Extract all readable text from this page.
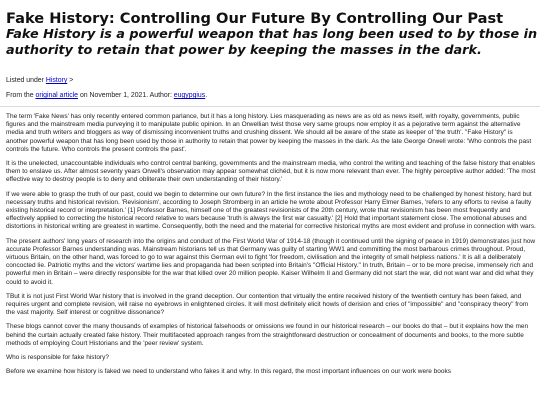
Fake History: Controlling Our Future By Controlling Our Past
Fake History is a powerful weapon that has long been used to by those in authority to retain that power by keeping the masses in the dark.
Listed under History >
From the original article on November 1, 2021. Author: eugypgius.

The term 'Fake News' has only recently entered common parlance, but it has a long history. Lies masquerading as news are as old as news itself, with royalty, governments, public figures and the mainstream media purveying it to manipulate public opinion. In an Orwellian twist those very same groups now employ it as a pejorative term against the alternative media and truth writers and bloggers as way of dismissing inconvenient truths and crushing dissent. We should all be aware of the state as keeper of 'the truth'. "Fake History" is another powerful weapon that has long been used by those in authority to retain that power by keeping the masses in the dark. As the late George Orwell wrote: 'Who controls the past controls the future. Who controls the present controls the past'.

It is the unelected, unaccountable individuals who control central banking, governments and the mainstream media, who control the writing and teaching of the false history that enables them to enslave us. After almost seventy years Orwell's observation may appear somewhat clichéd, but it is now more relevant than ever. The highly perceptive author added: 'The most effective way to destroy people is to deny and obliterate their own understanding of their history.'

If we were able to grasp the truth of our past, could we begin to determine our own future? In the first instance the lies and mythology need to be challenged by honest history, hard but necessary truths and historical revision. 'Revisionism', according to Joseph Stromberg in an article he wrote about Professor Harry Elmer Barnes, 'refers to any efforts to revise a faulty existing historical record or interpretation.' [1] Professor Barnes, himself one of the greatest revisionists of the 20th century, wrote that revisionism has been most frequently and effectively applied to correcting the historical record relative to wars because 'truth is always the first war casualty.' [2] Hold that important statement close. The emotional abuses and distortions in historical writing are greatest in wartime. Consequently, both the need and the material for corrective historical myths are most evident and profuse in connection with wars.

The present authors' long years of research into the origins and conduct of the First World War of 1914-18 (though it continued until the signing of peace in 1919) demonstrates just how accurate Professor Barnes understanding was. Mainstream historians tell us that Germany was guilty of starting WW1 and committing the most barbarous crimes throughout. Proud, virtuous Britain, on the other hand, was forced to go to war against this German evil to fight 'for freedom, civilisation and the integrity of small helpless nations.' It is all a deliberately concocted lie. Patriotic myths and the victors' wartime lies and propaganda had been scripted into Britain's "Official History." In truth, Britain – or to be more precise, immensely rich and powerful men in Britain – were directly responsible for the war that killed over 20 million people. Kaiser Wilhelm II and Germany did not start the war, did not want war and did what they could to avoid it.

TBut it is not just First World War history that is involved in the grand deception. Our contention that virtually the entire received history of the twentieth century has been faked, and requires urgent and complete revision, will raise no eyebrows in enlightened circles. It will most definitely elicit howls of derision and cries of "impossible" and "conspiracy theory" from the vast majority. Self interest or cognitive dissonance?

These blogs cannot cover the many thousands of examples of historical falsehoods or omissions we found in our historical research – our books do that – but it explains how the men behind the curtain actually created fake history. Their multifaceted approach ranges from the straightforward destruction or concealment of documents and books, to the more subtle methods of employing Court Historians and the 'peer review' system.

Who is responsible for fake history?

Before we examine how history is faked we need to understand who fakes it and why. In this regard, the most important influences on our work were books
